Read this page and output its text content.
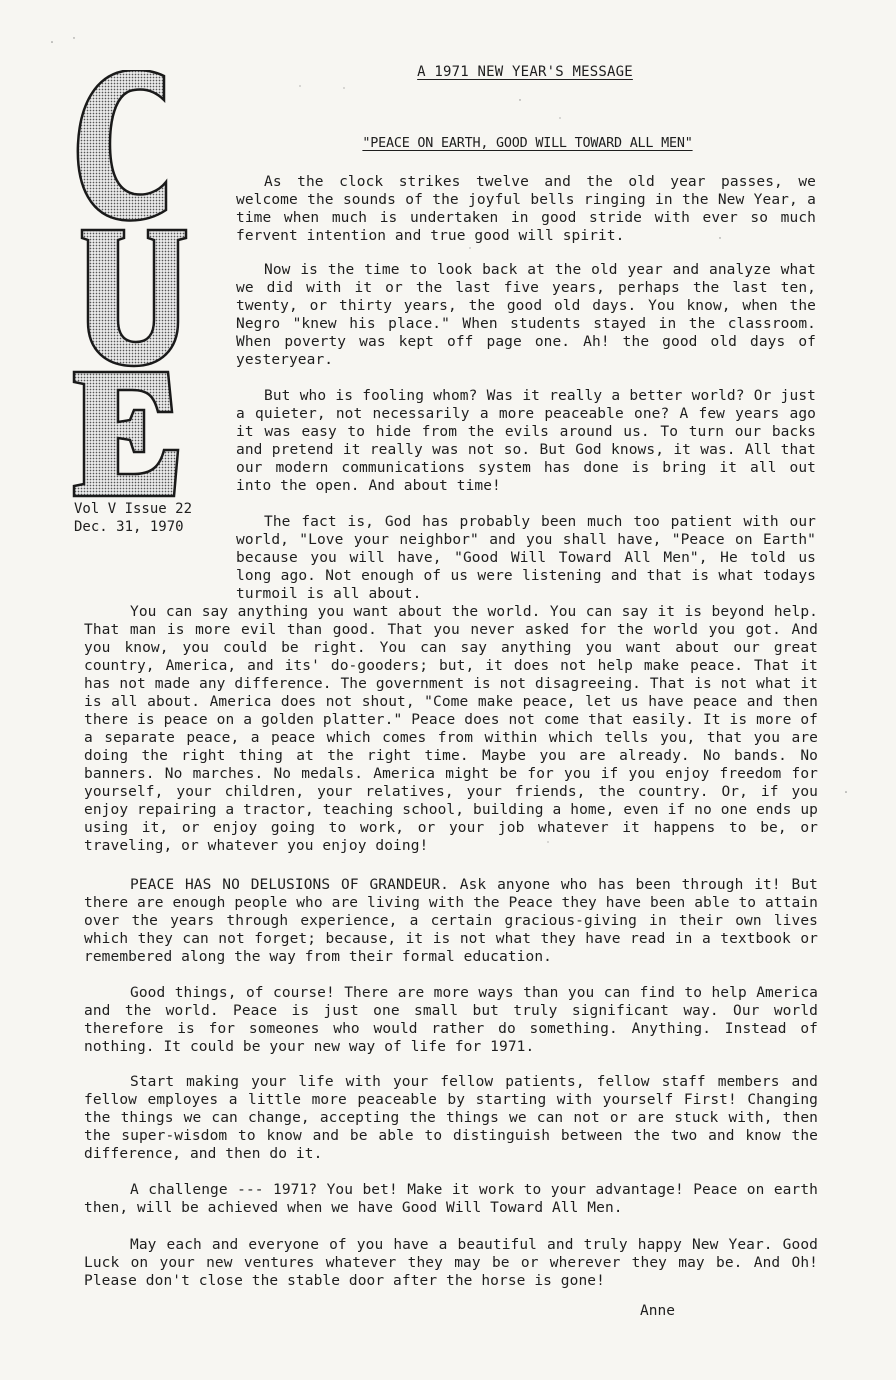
Vol V Issue 22
Dec. 31, 1970
A 1971 NEW YEAR'S MESSAGE
"PEACE ON EARTH, GOOD WILL TOWARD ALL MEN"

As the clock strikes twelve and the old year passes, we welcome the sounds of the joyful bells ringing in the New Year, a time when much is undertaken in good stride with ever so much fervent intention and true good will spirit.

Now is the time to look back at the old year and analyze what we did with it or the last five years, perhaps the last ten, twenty, or thirty years, the good old days. You know, when the Negro "knew his place." When students stayed in the classroom. When poverty was kept off page one. Ah! the good old days of yesteryear.

But who is fooling whom? Was it really a better world? Or just a quieter, not necessarily a more peaceable one? A few years ago it was easy to hide from the evils around us. To turn our backs and pretend it really was not so. But God knows, it was. All that our modern communications system has done is bring it all out into the open. And about time!

The fact is, God has probably been much too patient with our world, "Love your neighbor" and you shall have, "Peace on Earth" because you will have, "Good Will Toward All Men", He told us long ago. Not enough of us were listening and that is what todays turmoil is all about.

You can say anything you want about the world. You can say it is beyond help. That man is more evil than good. That you never asked for the world you got. And you know, you could be right. You can say anything you want about our great country, America, and its' do-gooders; but, it does not help make peace. That it has not made any difference. The government is not disagreeing. That is not what it is all about. America does not shout, "Come make peace, let us have peace and then there is peace on a golden platter." Peace does not come that easily. It is more of a separate peace, a peace which comes from within which tells you, that you are doing the right thing at the right time. Maybe you are already. No bands. No banners. No marches. No medals. America might be for you if you enjoy freedom for yourself, your children, your relatives, your friends, the country. Or, if you enjoy repairing a tractor, teaching school, building a home, even if no one ends up using it, or enjoy going to work, or your job whatever it happens to be, or traveling, or whatever you enjoy doing!

PEACE HAS NO DELUSIONS OF GRANDEUR. Ask anyone who has been through it! But there are enough people who are living with the Peace they have been able to attain over the years through experience, a certain gracious-giving in their own lives which they can not forget; because, it is not what they have read in a textbook or remembered along the way from their formal education.

Good things, of course! There are more ways than you can find to help America and the world. Peace is just one small but truly significant way. Our world therefore is for someones who would rather do something. Anything. Instead of nothing. It could be your new way of life for 1971.

Start making your life with your fellow patients, fellow staff members and fellow employes a little more peaceable by starting with yourself First! Changing the things we can change, accepting the things we can not or are stuck with, then the super-wisdom to know and be able to distinguish between the two and know the difference, and then do it.

A challenge --- 1971? You bet! Make it work to your advantage! Peace on earth then, will be achieved when we have Good Will Toward All Men.

May each and everyone of you have a beautiful and truly happy New Year. Good Luck on your new ventures whatever they may be or wherever they may be. And Oh! Please don't close the stable door after the horse is gone!

Anne
